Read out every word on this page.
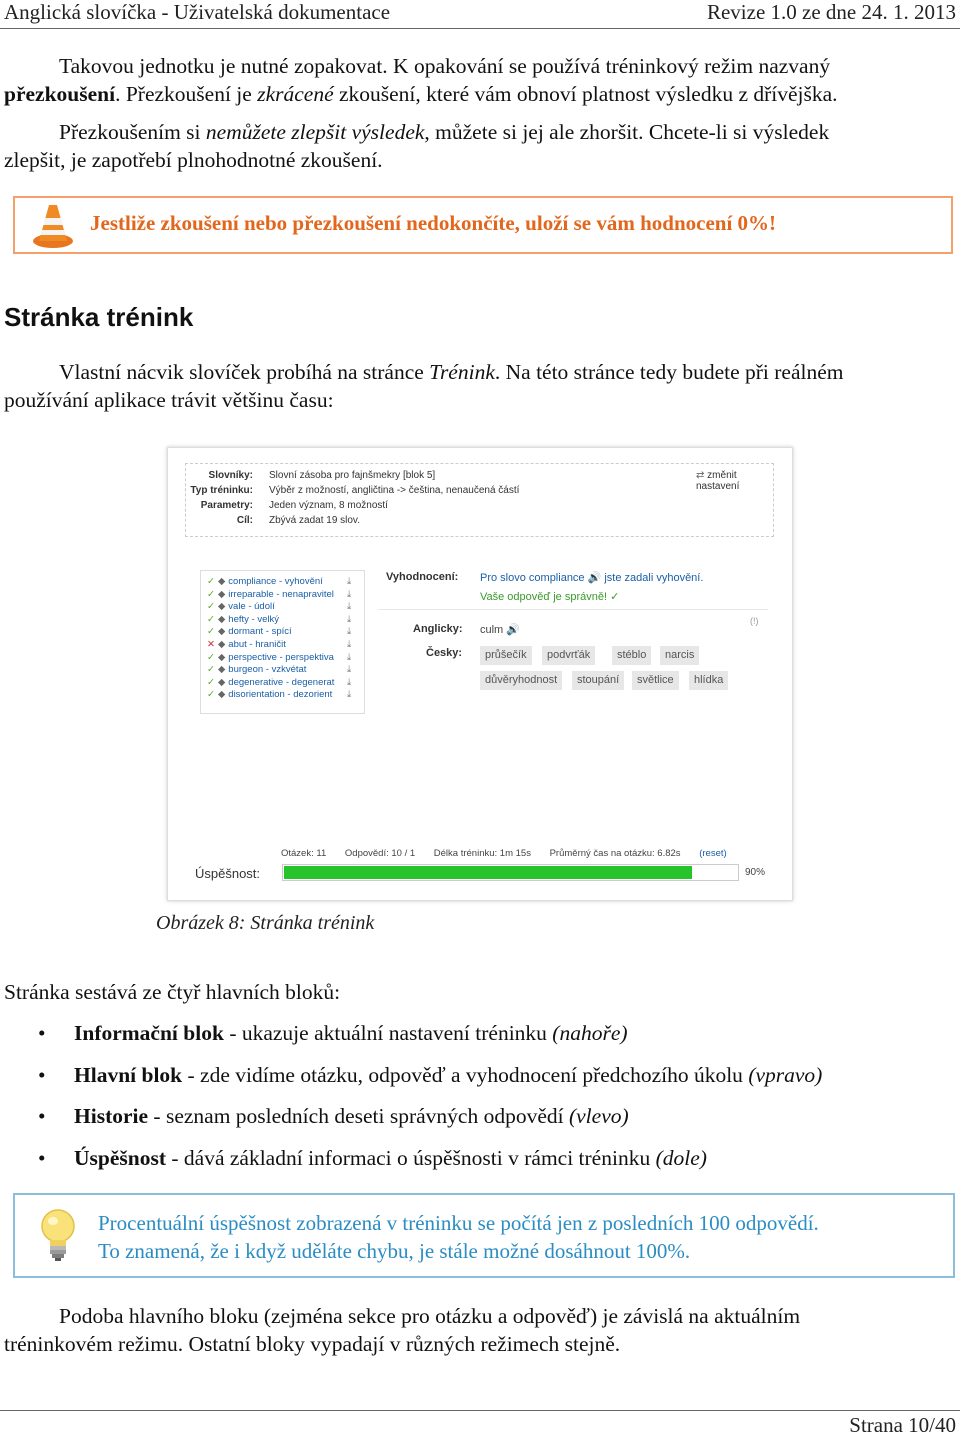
Anglická slovíčka - Uživatelská dokumentace	Revize 1.0 ze dne 24. 1. 2013

Takovou jednotku je nutné zopakovat. K opakování se používá tréninkový režim nazvaný
přezkoušení. Přezkoušení je zkrácené zkoušení, které vám obnoví platnost výsledku z dřívějška.

Přezkoušením si nemůžete zlepšit výsledek, můžete si jej ale zhoršit. Chcete-li si výsledek
zlepšit, je zapotřebí plnohodnotné zkoušení.

Jestliže zkoušení nebo přezkoušení nedokončíte, uloží se vám hodnocení 0%!
Stránka trénink

Vlastní nácvik slovíček probíhá na stránce Trénink. Na této stránce tedy budete při reálném
používání aplikace trávit většinu času:

Slovníky: Slovní zásoba pro fajnšmekry [blok 5]
Typ tréninku: Výběr z možností, angličtina -> čeština, nenaučená částí
Parametry: Jeden význam, 8 možností
Cíl: Zbývá zadat 19 slov.
⇄ změnit nastavení
✓ ◆ compliance - vyhovění	⤓
✓ ◆ irreparable - nenapravitel ⤓
✓ ◆ vale - údolí	⤓
✓ ◆ hefty - velký	⤓
✓ ◆ dormant - spící	⤓
✕ ◆ abut - hraničit	⤓
✓ ◆ perspective - perspektiva ⤓
✓ ◆ burgeon - vzkvétat	⤓
✓ ◆ degenerative - degenerat ⤓
✓ ◆ disorientation - dezorient ⤓
Vyhodnocení: Pro slovo compliance 🔊 jste zadali vyhovění.
Vaše odpověď je správně! ✓
Anglicky: culm 🔊
(!)
Česky:	průšečík	podvrťák	stéblo	narcis
důvěryhodnost	stoupání	světlice	hlídka
Otázek: 11 Odpovědí: 10 / 1 Délka tréninku: 1m 15s Průměrný čas na otázku: 6.82s (reset)
Úspěšnost:	90%
Obrázek 8: Stránka trénink

Stránka sestává ze čtyř hlavních bloků:

• Informační blok - ukazuje aktuální nastavení tréninku (nahoře)
• Hlavní blok - zde vidíme otázku, odpověď a vyhodnocení předchozího úkolu (vpravo)
• Historie - seznam posledních deseti správných odpovědí (vlevo)
• Úspěšnost - dává základní informaci o úspěšnosti v rámci tréninku (dole)
Procentuální úspěšnost zobrazená v tréninku se počítá jen z posledních 100 odpovědí.
To znamená, že i když uděláte chybu, je stále možné dosáhnout 100%.

Podoba hlavního bloku (zejména sekce pro otázku a odpověď) je závislá na aktuálním
tréninkovém režimu. Ostatní bloky vypadají v různých režimech stejně.

Strana 10/40
